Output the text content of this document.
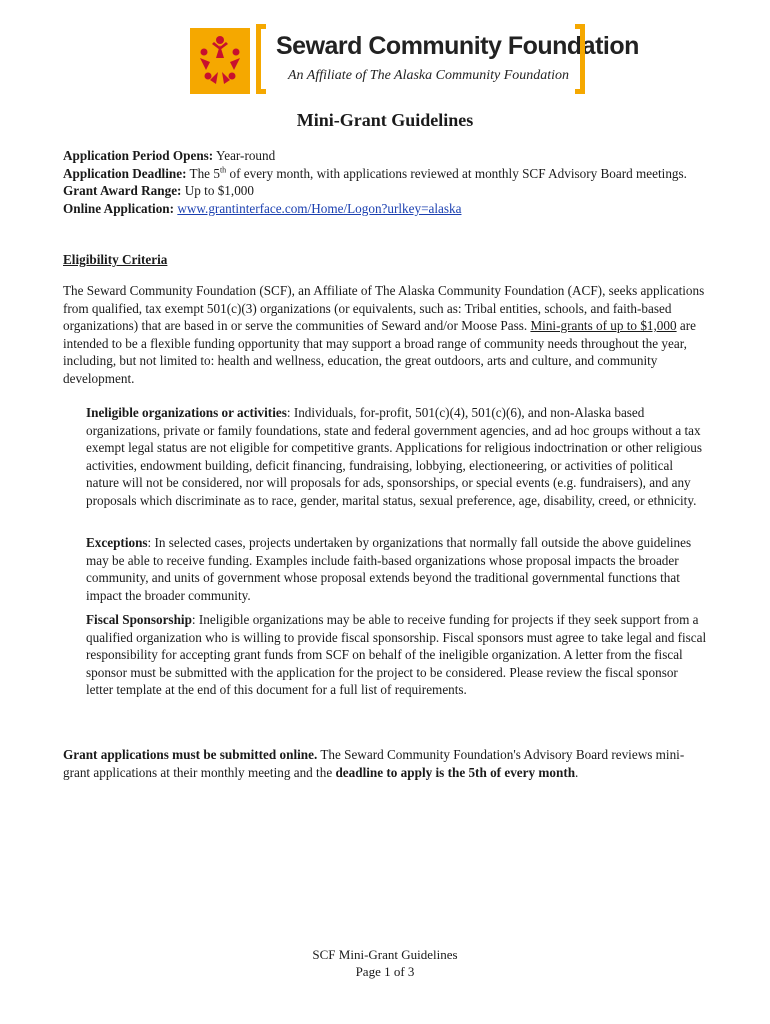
Seward Community Foundation
An Affiliate of The Alaska Community Foundation
Mini-Grant Guidelines

Application Period Opens: Year-round

Application Deadline: The 5th of every month, with applications reviewed at monthly SCF Advisory Board meetings.

Grant Award Range: Up to $1,000

Online Application: www.grantinterface.com/Home/Logon?urlkey=alaska

Eligibility Criteria

The Seward Community Foundation (SCF), an Affiliate of The Alaska Community Foundation (ACF), seeks applications from qualified, tax exempt 501(c)(3) organizations (or equivalents, such as: Tribal entities, schools, and faith-based organizations) that are based in or serve the communities of Seward and/or Moose Pass. Mini-grants of up to $1,000 are intended to be a flexible funding opportunity that may support a broad range of community needs throughout the year, including, but not limited to: health and wellness, education, the great outdoors, arts and culture, and community development.

Ineligible organizations or activities: Individuals, for-profit, 501(c)(4), 501(c)(6), and non-Alaska based organizations, private or family foundations, state and federal government agencies, and ad hoc groups without a tax exempt legal status are not eligible for competitive grants. Applications for religious indoctrination or other religious activities, endowment building, deficit financing, fundraising, lobbying, electioneering, or activities of political nature will not be considered, nor will proposals for ads, sponsorships, or special events (e.g. fundraisers), and any proposals which discriminate as to race, gender, marital status, sexual preference, age, disability, creed, or ethnicity.

Exceptions: In selected cases, projects undertaken by organizations that normally fall outside the above guidelines may be able to receive funding. Examples include faith-based organizations whose proposal impacts the broader community, and units of government whose proposal extends beyond the traditional governmental functions that impact the broader community.

Fiscal Sponsorship: Ineligible organizations may be able to receive funding for projects if they seek support from a qualified organization who is willing to provide fiscal sponsorship. Fiscal sponsors must agree to take legal and fiscal responsibility for accepting grant funds from SCF on behalf of the ineligible organization. A letter from the fiscal sponsor must be submitted with the application for the project to be considered. Please review the fiscal sponsor letter template at the end of this document for a full list of requirements.

Grant applications must be submitted online. The Seward Community Foundation's Advisory Board reviews mini-grant applications at their monthly meeting and the deadline to apply is the 5th of every month.

SCF Mini-Grant Guidelines
Page 1 of 3
